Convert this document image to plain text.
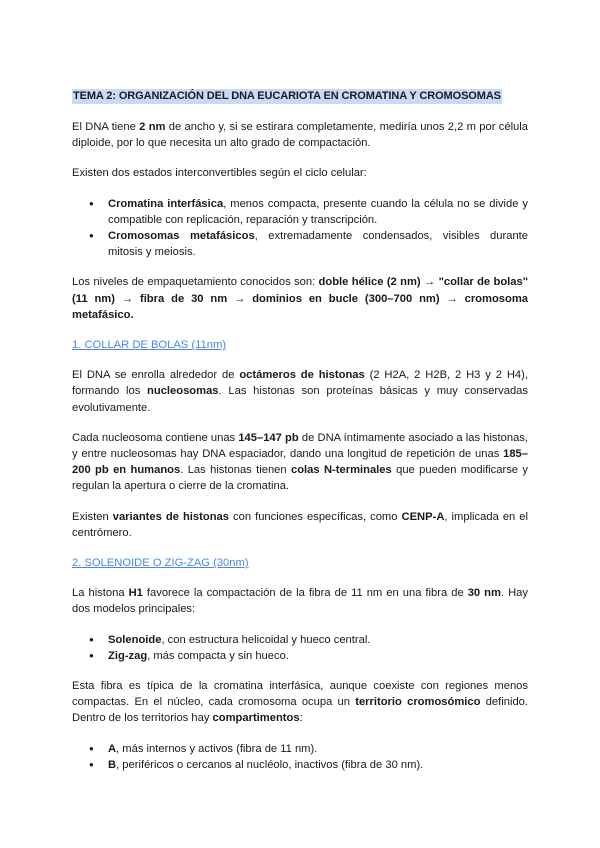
TEMA 2: ORGANIZACIÓN DEL DNA EUCARIOTA EN CROMATINA Y CROMOSOMAS

El DNA tiene 2 nm de ancho y, si se estirara completamente, mediría unos 2,2 m por célula diploide, por lo que necesita un alto grado de compactación.

Existen dos estados interconvertibles según el ciclo celular:

● Cromatina interfásica, menos compacta, presente cuando la célula no se divide y compatible con replicación, reparación y transcripción.
● Cromosomas metafásicos, extremadamente condensados, visibles durante mitosis y meiosis.

Los niveles de empaquetamiento conocidos son: doble hélice (2 nm) → "collar de bolas" (11 nm) → fibra de 30 nm → dominios en bucle (300–700 nm) → cromosoma metafásico.

1. COLLAR DE BOLAS (11nm)

El DNA se enrolla alrededor de octámeros de histonas (2 H2A, 2 H2B, 2 H3 y 2 H4), formando los nucleosomas. Las histonas son proteínas básicas y muy conservadas evolutivamente.

Cada nucleosoma contiene unas 145–147 pb de DNA íntimamente asociado a las histonas, y entre nucleosomas hay DNA espaciador, dando una longitud de repetición de unas 185–200 pb en humanos. Las histonas tienen colas N-terminales que pueden modificarse y regulan la apertura o cierre de la cromatina.

Existen variantes de histonas con funciones específicas, como CENP-A, implicada en el centrómero.

2. SOLENOIDE O ZIG-ZAG (30nm)

La histona H1 favorece la compactación de la fibra de 11 nm en una fibra de 30 nm. Hay dos modelos principales:

● Solenoide, con estructura helicoidal y hueco central.
● Zig-zag, más compacta y sin hueco.

Esta fibra es típica de la cromatina interfásica, aunque coexiste con regiones menos compactas. En el núcleo, cada cromosoma ocupa un territorio cromosómico definido. Dentro de los territorios hay compartimentos:

● A, más internos y activos (fibra de 11 nm).
● B, periféricos o cercanos al nucléolo, inactivos (fibra de 30 nm).
